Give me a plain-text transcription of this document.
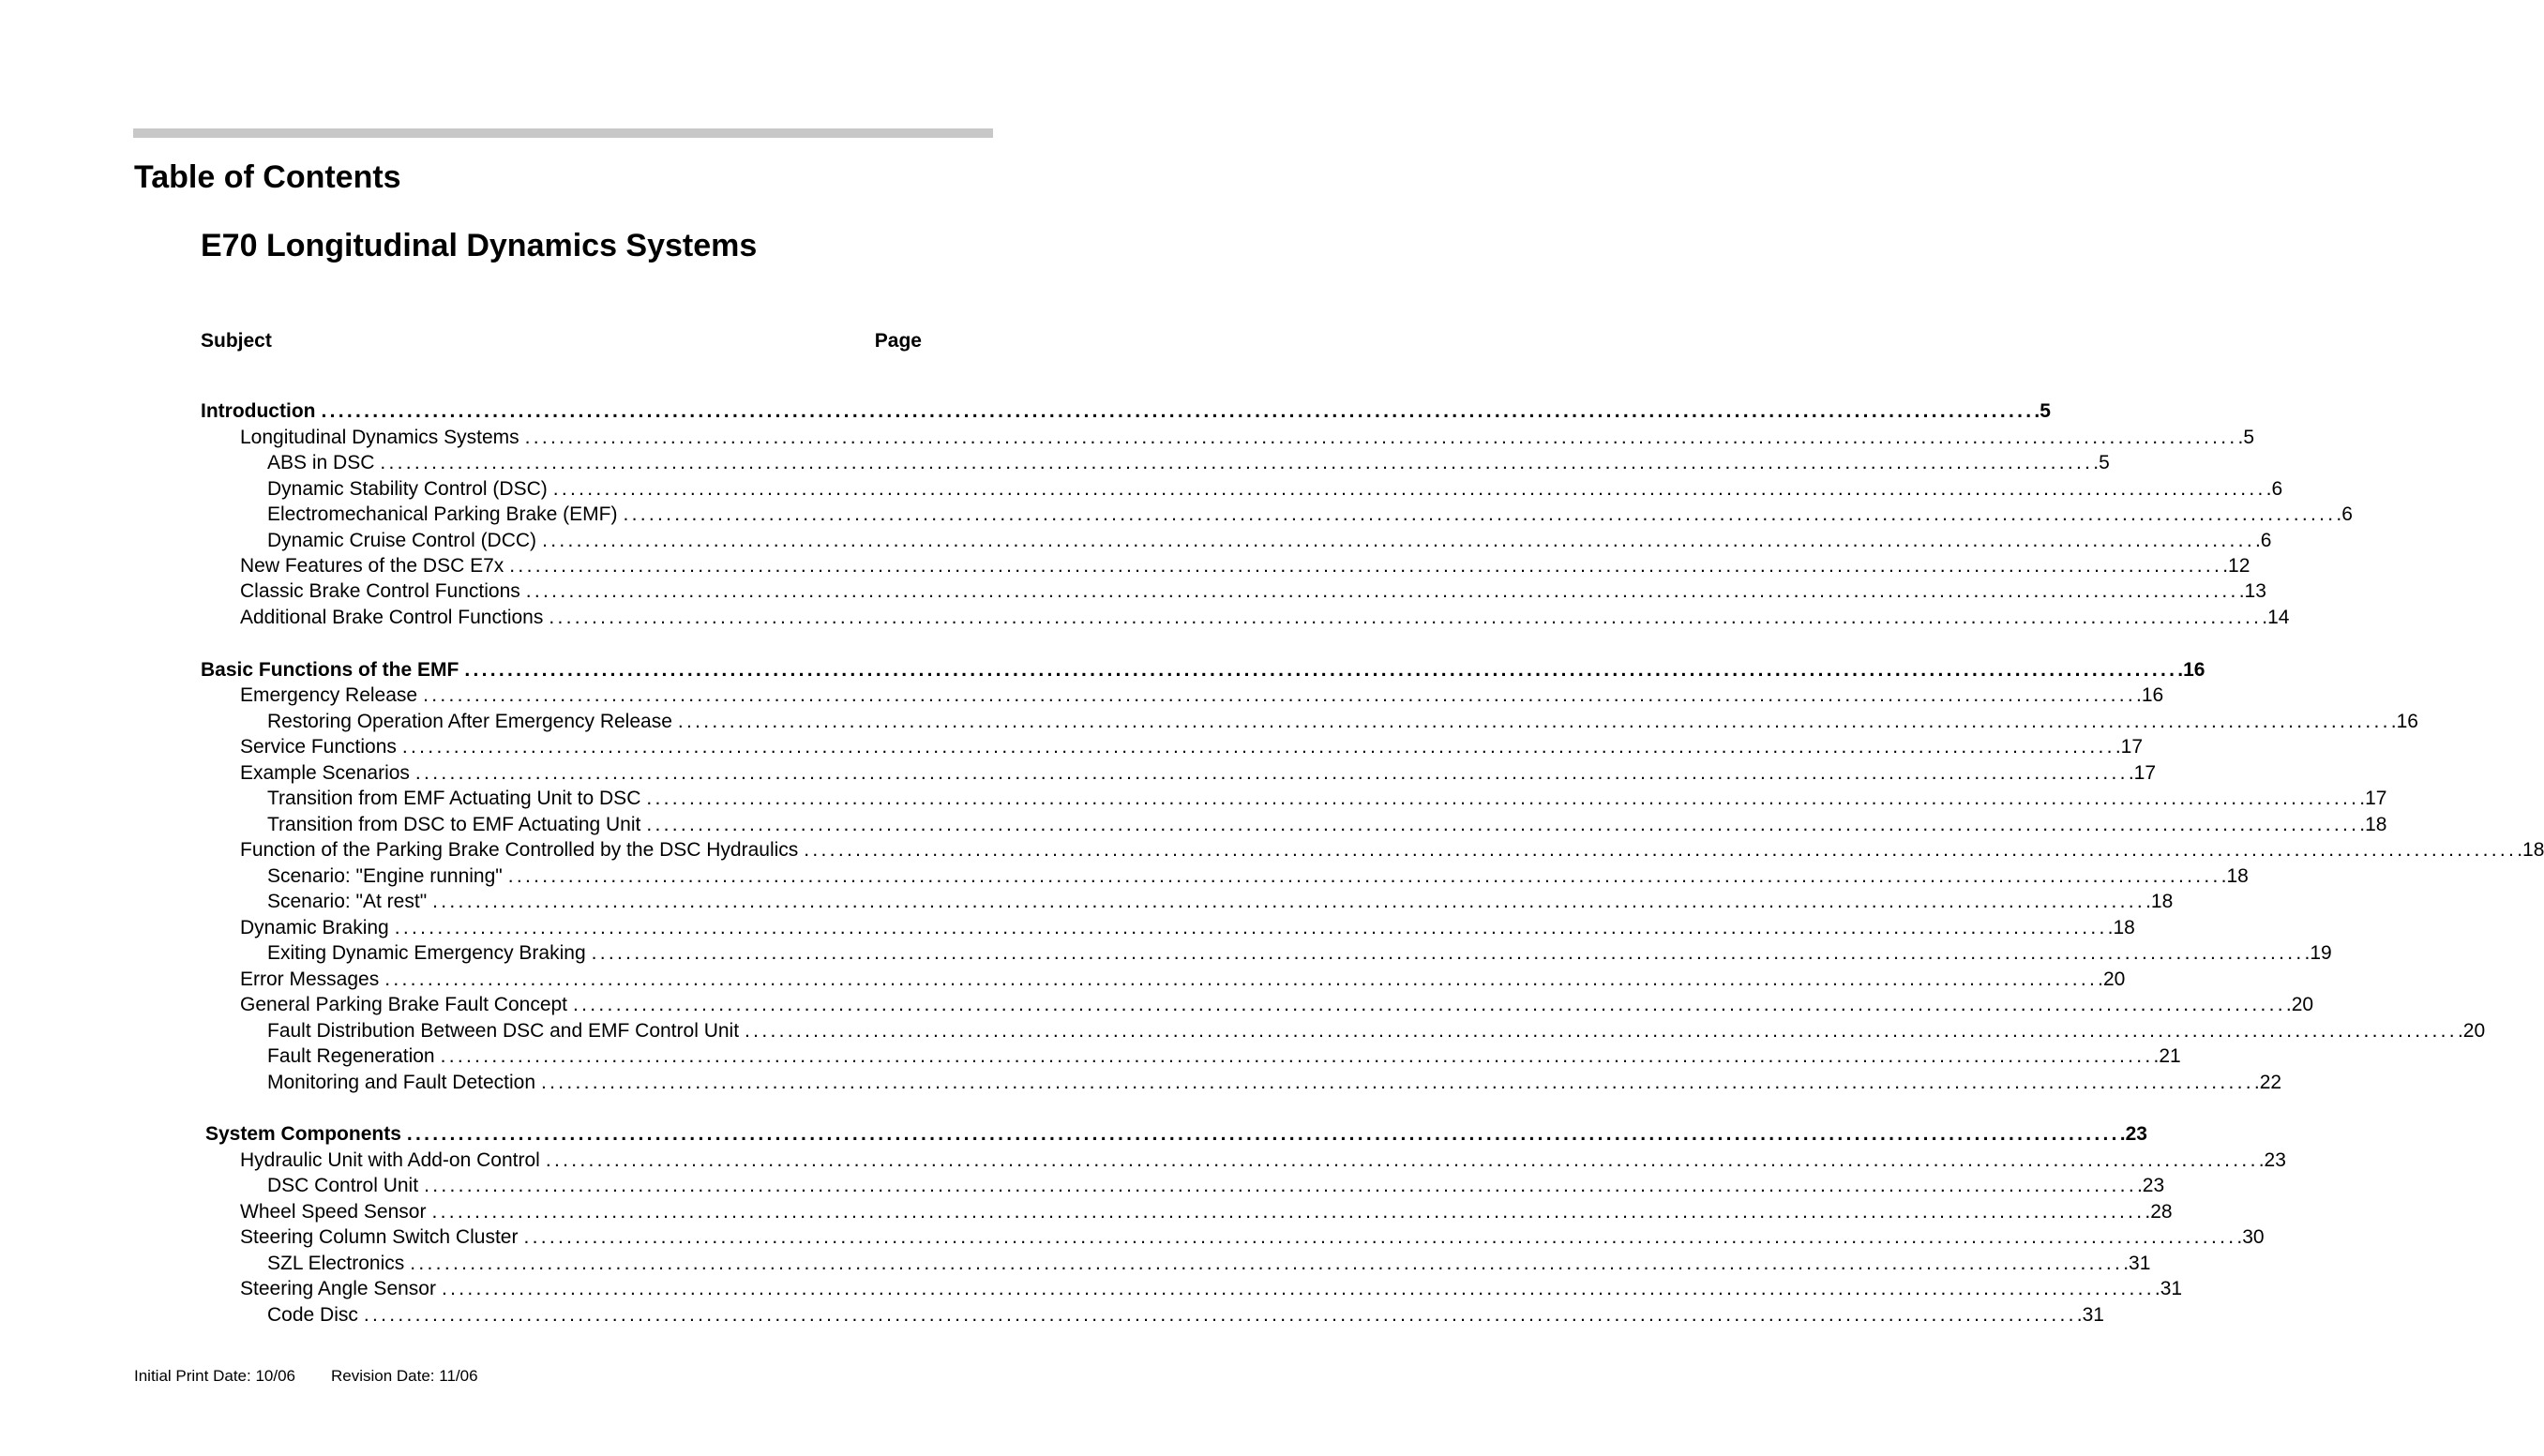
Table of Contents
E70 Longitudinal Dynamics Systems
Subject	Page
Introduction ........................................................................................................................................................................................................ .5
Longitudinal Dynamics Systems ........................................................................................................................................................................................................ .5
ABS in DSC ........................................................................................................................................................................................................ .5
Dynamic Stability Control (DSC) ........................................................................................................................................................................................................ .6
Electromechanical Parking Brake (EMF) ........................................................................................................................................................................................................ .6
Dynamic Cruise Control (DCC) ........................................................................................................................................................................................................ .6
New Features of the DSC E7x ........................................................................................................................................................................................................ .12
Classic Brake Control Functions ........................................................................................................................................................................................................ .13
Additional Brake Control Functions ........................................................................................................................................................................................................ .14
Basic Functions of the EMF ........................................................................................................................................................................................................ .16
Emergency Release ........................................................................................................................................................................................................ .16
Restoring Operation After Emergency Release ........................................................................................................................................................................................................ .16
Service Functions ........................................................................................................................................................................................................ .17
Example Scenarios ........................................................................................................................................................................................................ .17
Transition from EMF Actuating Unit to DSC ........................................................................................................................................................................................................ .17
Transition from DSC to EMF Actuating Unit ........................................................................................................................................................................................................ .18
Function of the Parking Brake Controlled by the DSC Hydraulics ........................................................................................................................................................................................................ .18
Scenario: "Engine running" ........................................................................................................................................................................................................ .18
Scenario: "At rest" ........................................................................................................................................................................................................ .18
Dynamic Braking ........................................................................................................................................................................................................ .18
Exiting Dynamic Emergency Braking ........................................................................................................................................................................................................ .19
Error Messages ........................................................................................................................................................................................................ .20
General Parking Brake Fault Concept ........................................................................................................................................................................................................ .20
Fault Distribution Between DSC and EMF Control Unit ........................................................................................................................................................................................................ .20
Fault Regeneration ........................................................................................................................................................................................................ .21
Monitoring and Fault Detection ........................................................................................................................................................................................................ .22
System Components ........................................................................................................................................................................................................ .23
Hydraulic Unit with Add-on Control ........................................................................................................................................................................................................ .23
DSC Control Unit ........................................................................................................................................................................................................ .23
Wheel Speed Sensor ........................................................................................................................................................................................................ .28
Steering Column Switch Cluster ........................................................................................................................................................................................................ .30
SZL Electronics ........................................................................................................................................................................................................ .31
Steering Angle Sensor ........................................................................................................................................................................................................ .31
Code Disc ........................................................................................................................................................................................................ .31
Initial Print Date: 10/06 Revision Date: 11/06
